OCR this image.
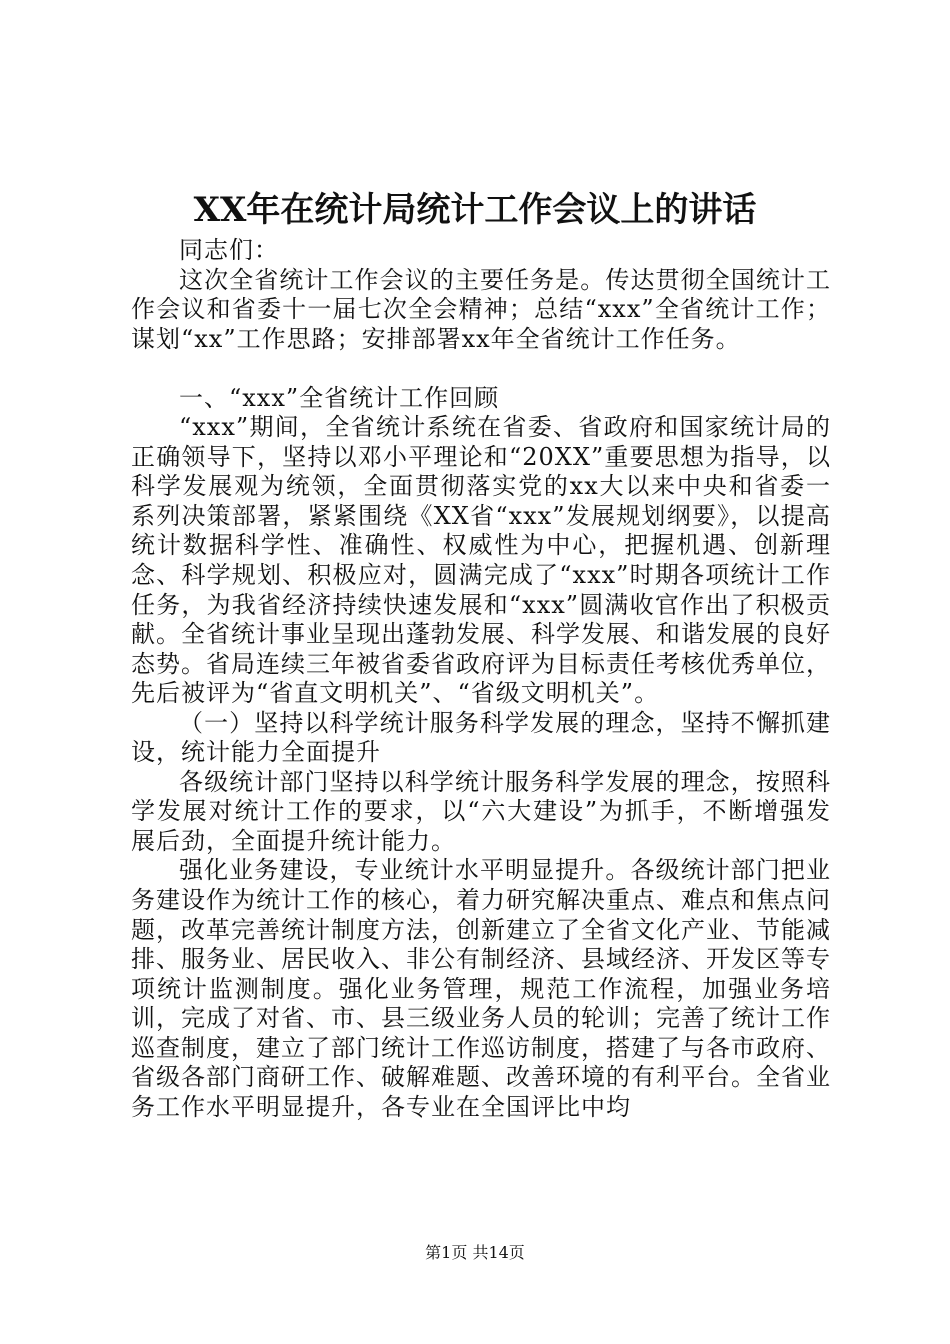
XX年在统计局统计工作会议上的讲话

同志们：

这次全省统计工作会议的主要任务是。传达贯彻全国统计工作会议和省委十一届七次全会精神；总结“xxx”全省统计工作；谋划“xx”工作思路；安排部署xx年全省统计工作任务。

一、“xxx”全省统计工作回顾

“xxx”期间，全省统计系统在省委、省政府和国家统计局的正确领导下，坚持以邓小平理论和“20XX”重要思想为指导，以科学发展观为统领，全面贯彻落实党的xx大以来中央和省委一系列决策部署，紧紧围绕《XX省“xxx”发展规划纲要》，以提高统计数据科学性、准确性、权威性为中心，把握机遇、创新理念、科学规划、积极应对，圆满完成了“xxx”时期各项统计工作任务，为我省经济持续快速发展和“xxx”圆满收官作出了积极贡献。全省统计事业呈现出蓬勃发展、科学发展、和谐发展的良好态势。省局连续三年被省委省政府评为目标责任考核优秀单位，先后被评为“省直文明机关”、“省级文明机关”。

（一）坚持以科学统计服务科学发展的理念，坚持不懈抓建设，统计能力全面提升

各级统计部门坚持以科学统计服务科学发展的理念，按照科学发展对统计工作的要求，以“六大建设”为抓手，不断增强发展后劲，全面提升统计能力。

强化业务建设，专业统计水平明显提升。各级统计部门把业务建设作为统计工作的核心，着力研究解决重点、难点和焦点问题，改革完善统计制度方法，创新建立了全省文化产业、节能减排、服务业、居民收入、非公有制经济、县域经济、开发区等专项统计监测制度。强化业务管理，规范工作流程，加强业务培训，完成了对省、市、县三级业务人员的轮训；完善了统计工作巡查制度，建立了部门统计工作巡访制度，搭建了与各市政府、省级各部门商研工作、破解难题、改善环境的有利平台。全省业务工作水平明显提升，各专业在全国评比中均

第1页 共14页
